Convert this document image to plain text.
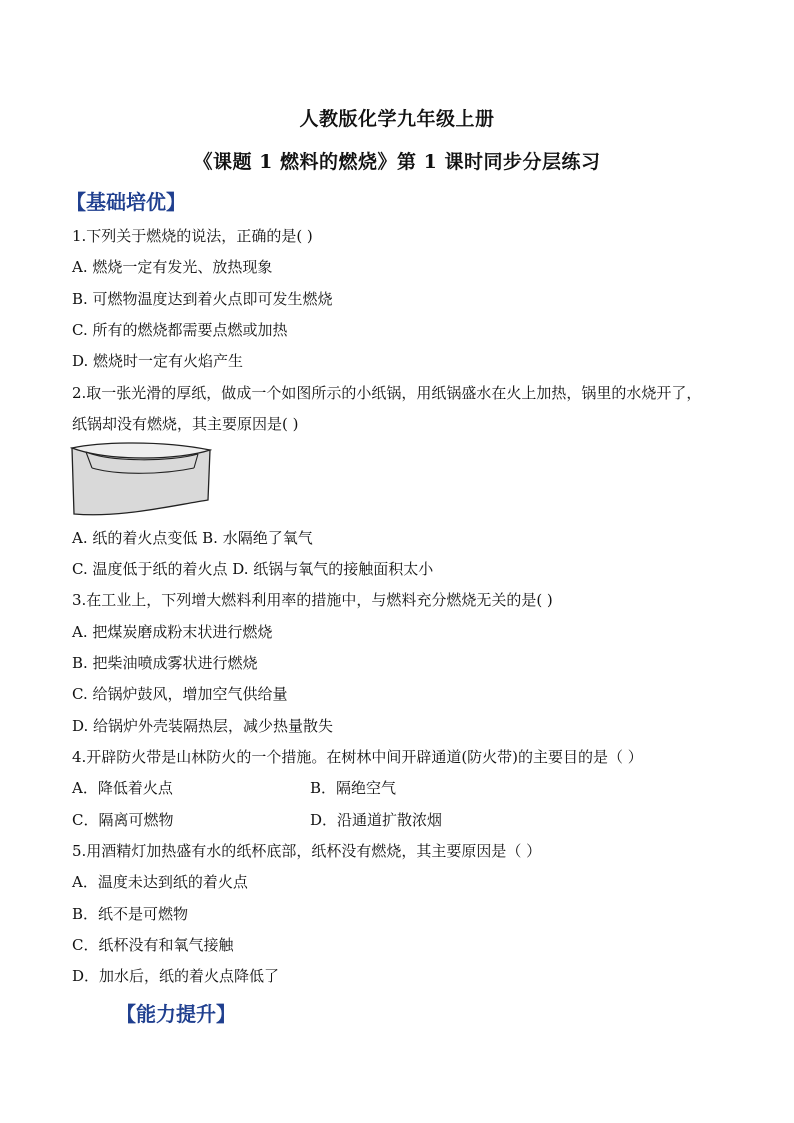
人教版化学九年级上册
《课题 1 燃料的燃烧》第 1 课时同步分层练习
【基础培优】
1.下列关于燃烧的说法，正确的是( )
A. 燃烧一定有发光、放热现象
B. 可燃物温度达到着火点即可发生燃烧
C. 所有的燃烧都需要点燃或加热
D. 燃烧时一定有火焰产生
2.取一张光滑的厚纸，做成一个如图所示的小纸锅，用纸锅盛水在火上加热，锅里的水烧开了，
纸锅却没有燃烧，其主要原因是( )
A. 纸的着火点变低 B. 水隔绝了氧气
C. 温度低于纸的着火点 D. 纸锅与氧气的接触面积太小
3.在工业上，下列增大燃料利用率的措施中，与燃料充分燃烧无关的是( )
A. 把煤炭磨成粉末状进行燃烧
B. 把柴油喷成雾状进行燃烧
C. 给锅炉鼓风，增加空气供给量
D. 给锅炉外壳装隔热层，减少热量散失
4.开辟防火带是山林防火的一个措施。在树林中间开辟通道(防火带)的主要目的是（ ）
A．降低着火点	B．隔绝空气
C．隔离可燃物	D．沿通道扩散浓烟
5.用酒精灯加热盛有水的纸杯底部，纸杯没有燃烧，其主要原因是（ ）
A．温度未达到纸的着火点
B．纸不是可燃物
C．纸杯没有和氧气接触
D．加水后，纸的着火点降低了
【能力提升】
